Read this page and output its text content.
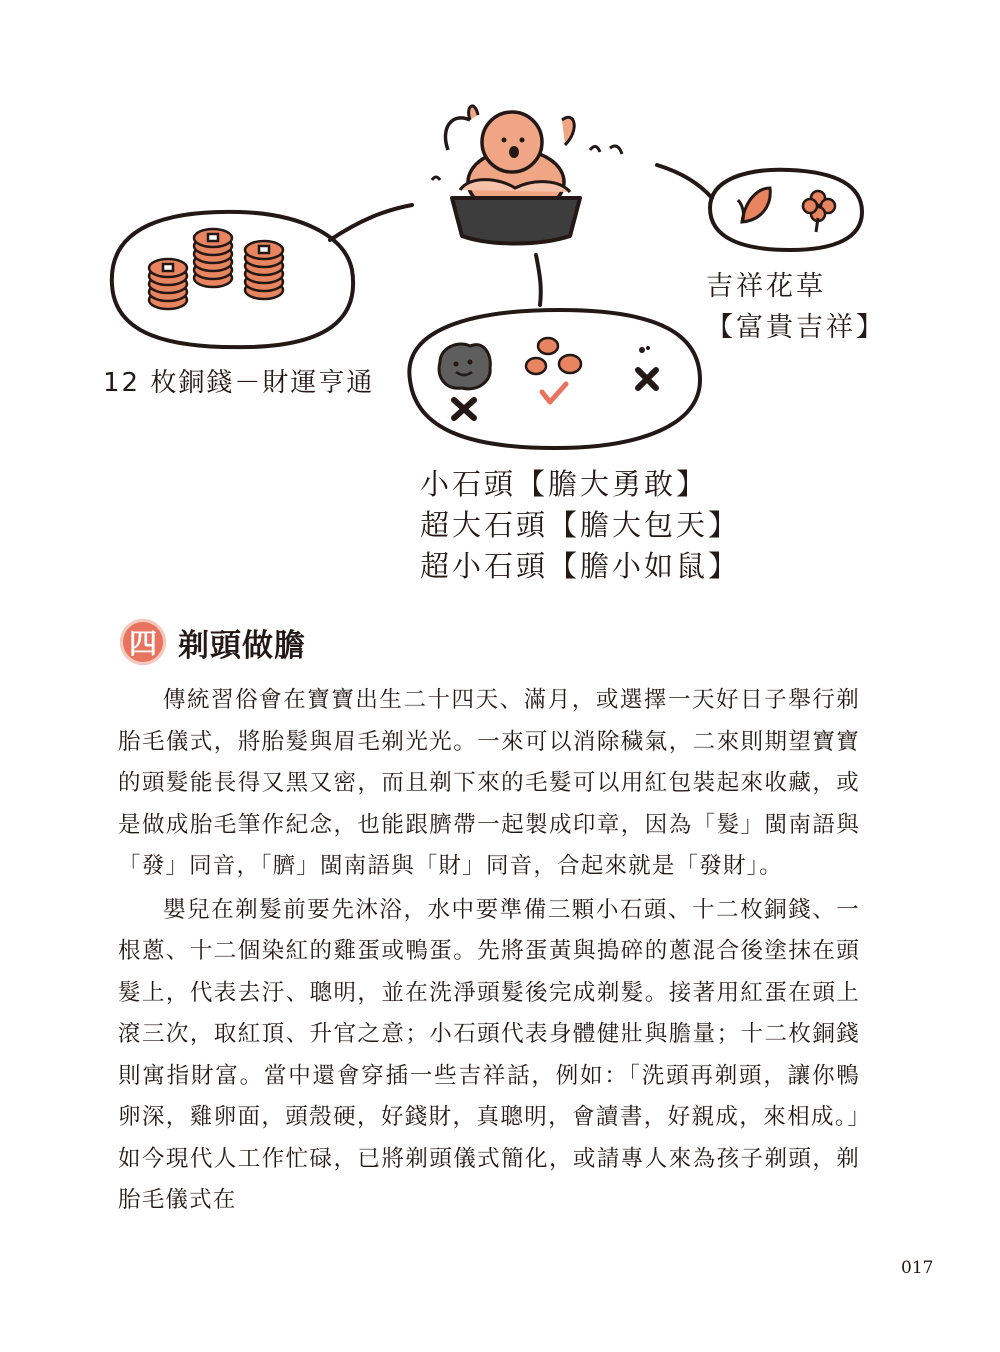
12 枚銅錢－財運亨通
吉祥花草
【富貴吉祥】
小石頭【膽大勇敢】
超大石頭【膽大包天】
超小石頭【膽小如鼠】
四 剃頭做膽

傳統習俗會在寶寶出生二十四天、滿月，或選擇一天好日子舉行剃胎毛儀式，將胎髮與眉毛剃光光。一來可以消除穢氣，二來則期望寶寶的頭髮能長得又黑又密，而且剃下來的毛髮可以用紅包裝起來收藏，或是做成胎毛筆作紀念，也能跟臍帶一起製成印章，因為「髮」閩南語與「發」同音，「臍」閩南語與「財」同音，合起來就是「發財」。

嬰兒在剃髮前要先沐浴，水中要準備三顆小石頭、十二枚銅錢、一根蔥、十二個染紅的雞蛋或鴨蛋。先將蛋黃與搗碎的蔥混合後塗抹在頭髮上，代表去汙、聰明，並在洗淨頭髮後完成剃髮。接著用紅蛋在頭上滾三次，取紅頂、升官之意；小石頭代表身體健壯與膽量；十二枚銅錢則寓指財富。當中還會穿插一些吉祥話，例如：「洗頭再剃頭，讓你鴨卵深，雞卵面，頭殼硬，好錢財，真聰明，會讀書，好親成，來相成。」如今現代人工作忙碌，已將剃頭儀式簡化，或請專人來為孩子剃頭，剃胎毛儀式在

017
